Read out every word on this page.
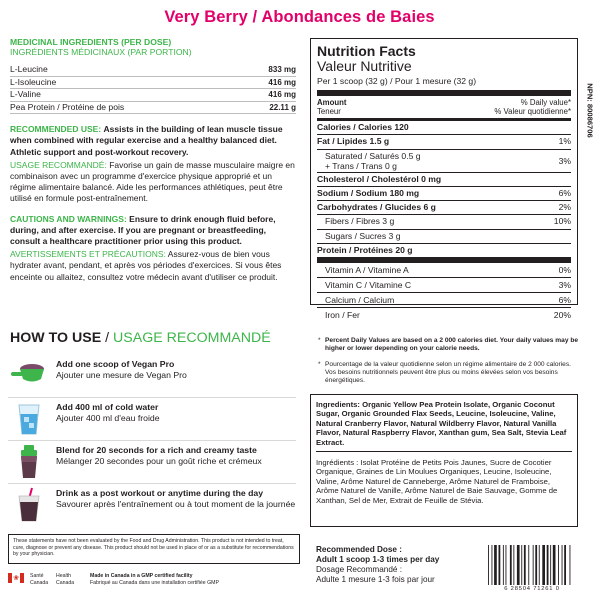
Very Berry / Abondances de Baies
MEDICINAL INGREDIENTS (PER DOSE)
INGRÉDIENTS MÉDICINAUX (PAR PORTION)
L-Leucine	833 mg
L-Isoleucine	416 mg
L-Valine	416 mg
Pea Protein / Protéine de pois	22.11 g
RECOMMENDED USE: Assists in the building of lean muscle tissue when combined with regular exercise and a healthy balanced diet. Athletic support and post-workout recovery.
USAGE RECOMMANDÉ: Favorise un gain de masse musculaire maigre en combinaison avec un programme d'exercice physique approprié et un régime alimentaire balancé. Aide les performances athlétiques, peut être utilisé en formule post-entraînement.
CAUTIONS AND WARNINGS: Ensure to drink enough fluid before, during, and after exercise. If you are pregnant or breastfeeding, consult a healthcare practitioner prior using this product.
AVERTISSEMENTS ET PRÉCAUTIONS: Assurez-vous de bien vous hydrater avant, pendant, et après vos périodes d'exercices. Si vous êtes enceinte ou allaitez, consultez votre médecin avant d'utiliser ce produit.
HOW TO USE / USAGE RECOMMANDÉ
Add one scoop of Vegan Pro
Ajouter une mesure de Vegan Pro
Add 400 ml of cold water
Ajouter 400 ml d'eau froide
Blend for 20 seconds for a rich and creamy taste
Mélanger 20 secondes pour un goût riche et crémeux
Drink as a post workout or anytime during the day
Savourer après l'entraînement ou à tout moment de la journée
These statements have not been evaluated by the Food and Drug Administration. This product is not intended to treat, cure, diagnose or prevent any disease. This product should not be used in place of or as a substitute for recommendations by your physician.
❀ Santé Canada
Health Canada
Made in Canada in a GMP certified facility
Fabriqué au Canada dans une installation certifiée GMP
NPN: 80086706
Nutrition Facts
Valeur Nutritive
Per 1 scoop (32 g) / Pour 1 mesure (32 g)
Amount
Teneur
% Daily value*
% Valeur quotidienne*
Calories / Calories 120
Fat / Lipides 1.5 g	1%
Saturated / Saturés 0.5 g
+ Trans / Trans 0 g	3%
Cholesterol / Cholestérol 0 mg
Sodium / Sodium 180 mg	6%
Carbohydrates / Glucides 6 g	2%
Fibers / Fibres 3 g	10%
Sugars / Sucres 3 g
Protein / Protéines 20 g
Vitamin A / Vitamine A	0%
Vitamin C / Vitamine C	3%
Calcium / Calcium	6%
Iron / Fer	20%
* Percent Daily Values are based on a 2 000 calories diet. Your daily values may be higher or lower depending on your calorie needs.
* Pourcentage de la valeur quotidienne selon un régime alimentaire de 2 000 calories. Vos besoins nutritionnels peuvent être plus ou moins élevées selon vos besoins énergétiques.
Ingredients: Organic Yellow Pea Protein Isolate, Organic Coconut Sugar, Organic Grounded Flax Seeds, Leucine, Isoleucine, Valine, Natural Cranberry Flavor, Natural Wildberry Flavor, Natural Vanilla Flavor, Natural Raspberry Flavor, Xanthan gum, Sea Salt, Stevia Leaf Extract.
Ingrédients : Isolat Protéine de Petits Pois Jaunes, Sucre de Cocotier Organique, Graines de Lin Moulues Organiques, Leucine, Isoleucine, Valine, Arôme Naturel de Canneberge, Arôme Naturel de Framboise, Arôme Naturel de Vanille, Arôme Naturel de Baie Sauvage, Gomme de Xanthan, Sel de Mer, Extrait de Feuille de Stévia.
Recommended Dose :
Adult 1 scoop 1-3 times per day
Dosage Recommandé :
Adulte 1 mesure 1-3 fois par jour
6 28504 71261 0
